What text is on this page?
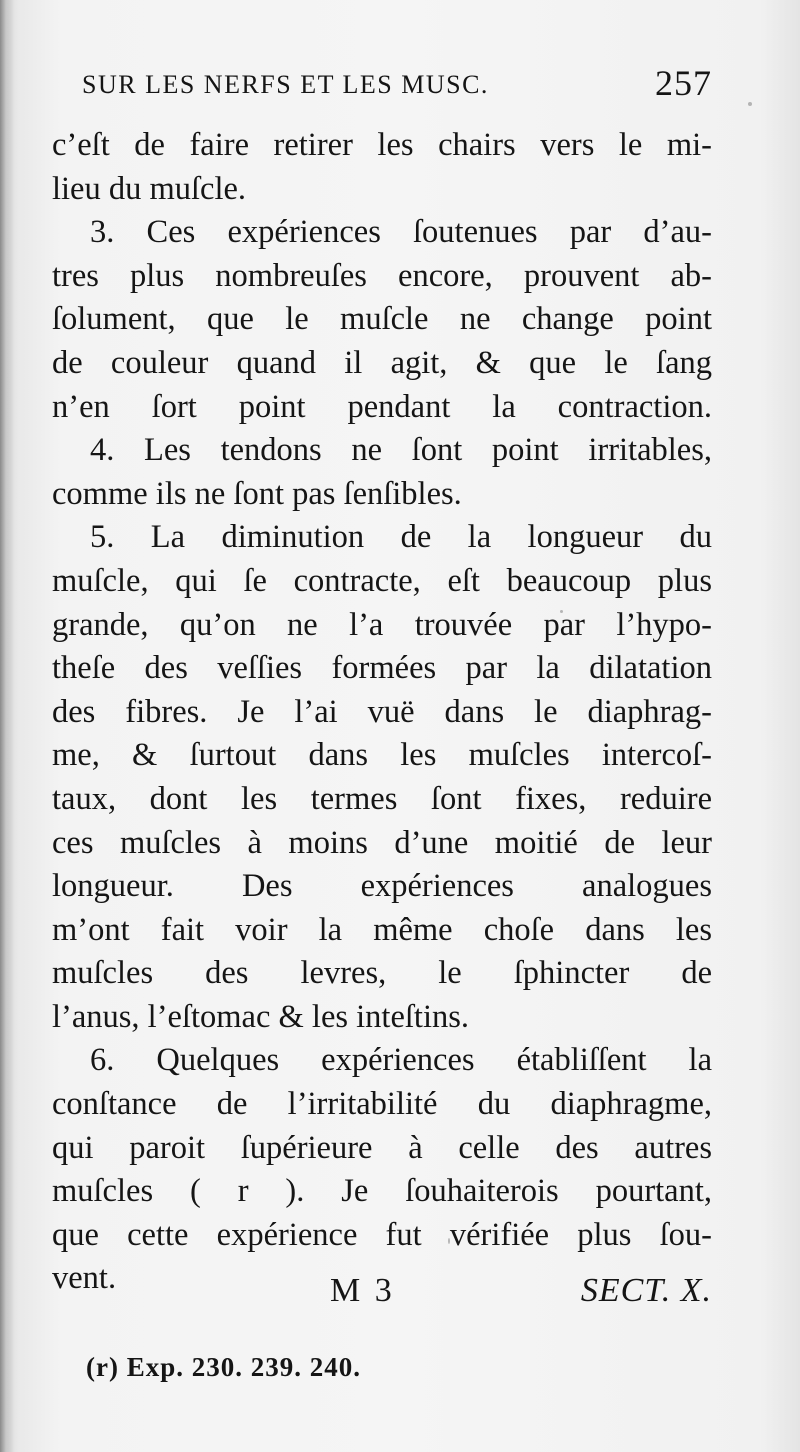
SUR LES NERFS ET LES MUSC.	257
c’eſt de faire retirer les chairs vers le mi-
lieu du muſcle.
3. Ces expériences ſoutenues par d’au-
tres plus nombreuſes encore, prouvent ab-
ſolument, que le muſcle ne change point
de couleur quand il agit, & que le ſang
n’en ſort point pendant la contraction.
4. Les tendons ne ſont point irritables,
comme ils ne ſont pas ſenſibles.
5. La diminution de la longueur du
muſcle, qui ſe contracte, eſt beaucoup plus
grande, qu’on ne l’a trouvée par l’hypo-
theſe des veſſies formées par la dilatation
des fibres. Je l’ai vuë dans le diaphrag-
me, & ſurtout dans les muſcles intercoſ-
taux, dont les termes ſont fixes, reduire
ces muſcles à moins d’une moitié de leur
longueur. Des expériences analogues
m’ont fait voir la même choſe dans les
muſcles des levres, le ſphincter de
l’anus, l’eſtomac & les inteſtins.
6. Quelques expériences établiſſent la
conſtance de l’irritabilité du diaphragme,
qui paroit ſupérieure à celle des autres
muſcles ( r ). Je ſouhaiterois pourtant,
que cette expérience fut vérifiée plus ſou-
vent.	M 3	SECT. X.
(r) Exp. 230. 239. 240.
